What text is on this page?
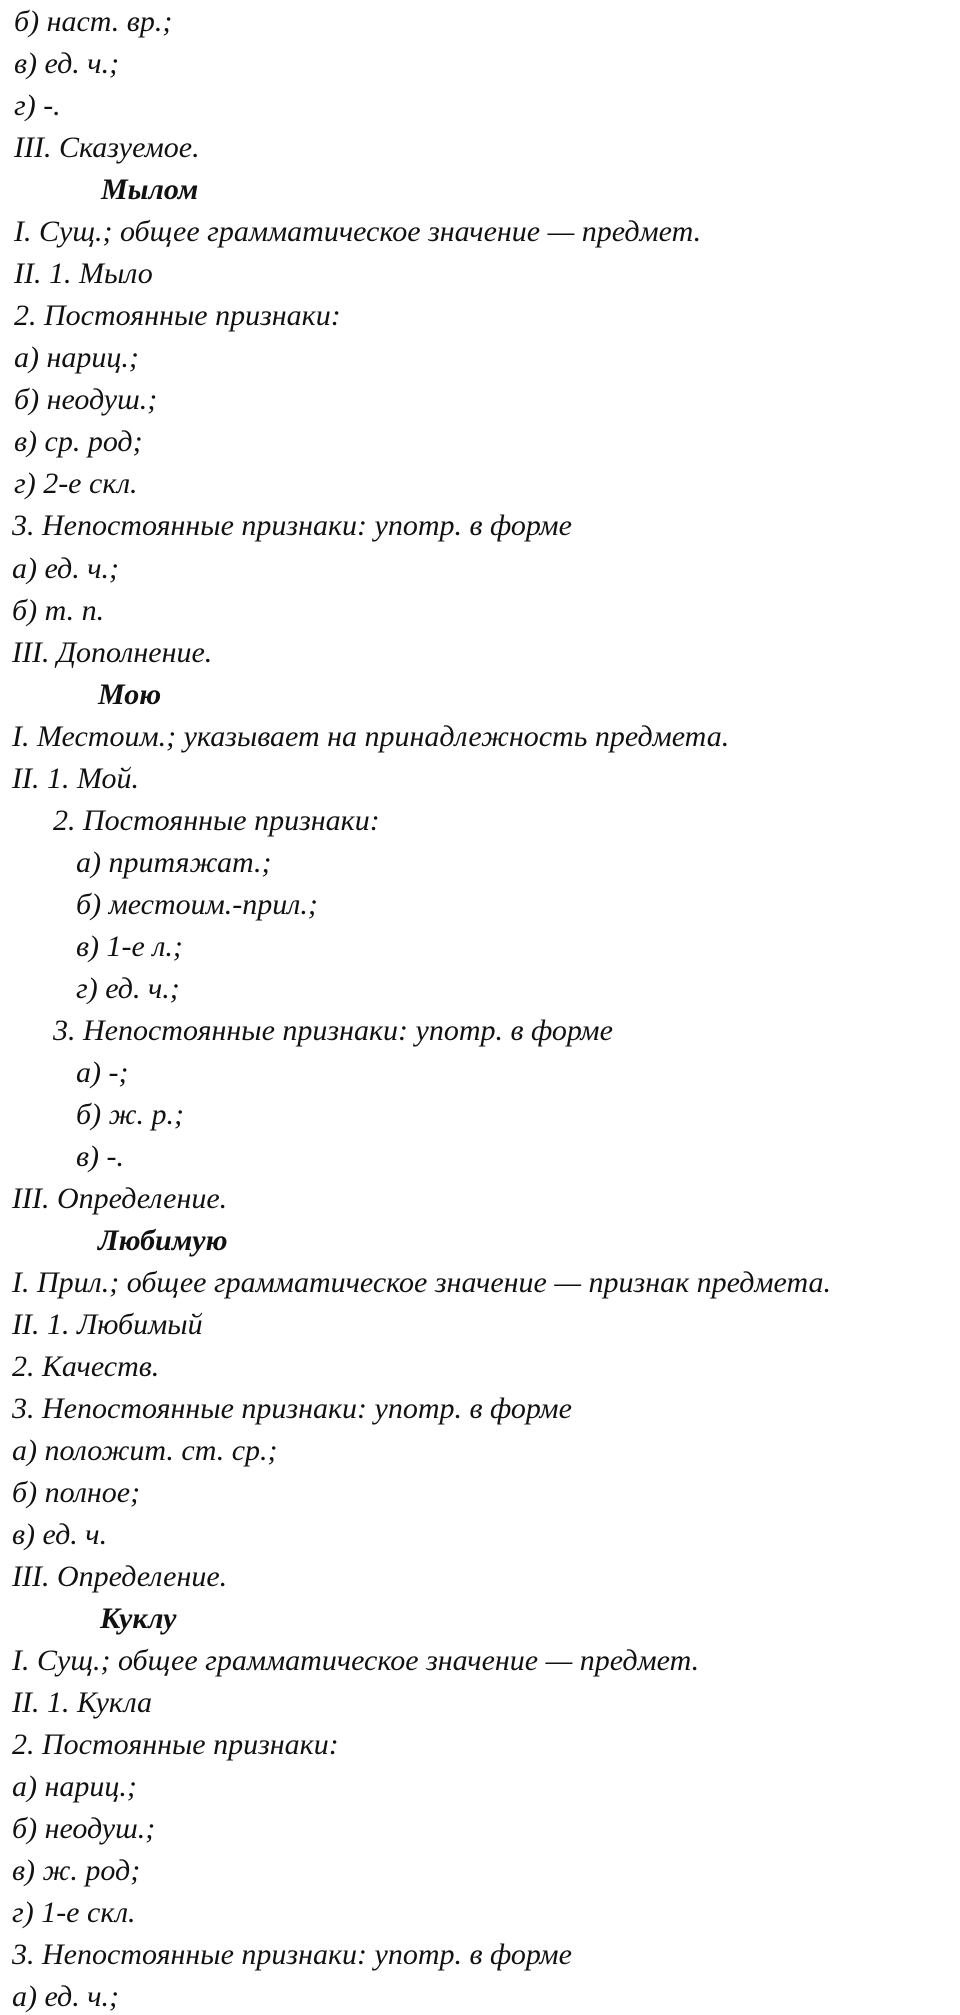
б) наст. вр.;
в) ед. ч.;
г) -.
III. Сказуемое.
Мылом
I. Сущ.; общее грамматическое значение — предмет.
II. 1. Мыло
2. Постоянные признаки:
а) нариц.;
б) неодуш.;
в) ср. род;
г) 2-е скл.
3. Непостоянные признаки: употр. в форме
а) ед. ч.;
б) т. п.
III. Дополнение.
Мою
I. Местоим.; указывает на принадлежность предмета.
II. 1. Мой.
2. Постоянные признаки:
а) притяжат.;
б) местоим.-прил.;
в) 1-е л.;
г) ед. ч.;
3. Непостоянные признаки: употр. в форме
а) -;
б) ж. р.;
в) -.
III. Определение.
Любимую
I. Прил.; общее грамматическое значение — признак предмета.
II. 1. Любимый
2. Качеств.
3. Непостоянные признаки: употр. в форме
а) положит. ст. ср.;
б) полное;
в) ед. ч.
III. Определение.
Куклу
I. Сущ.; общее грамматическое значение — предмет.
II. 1. Кукла
2. Постоянные признаки:
а) нариц.;
б) неодуш.;
в) ж. род;
г) 1-е скл.
3. Непостоянные признаки: употр. в форме
а) ед. ч.;
